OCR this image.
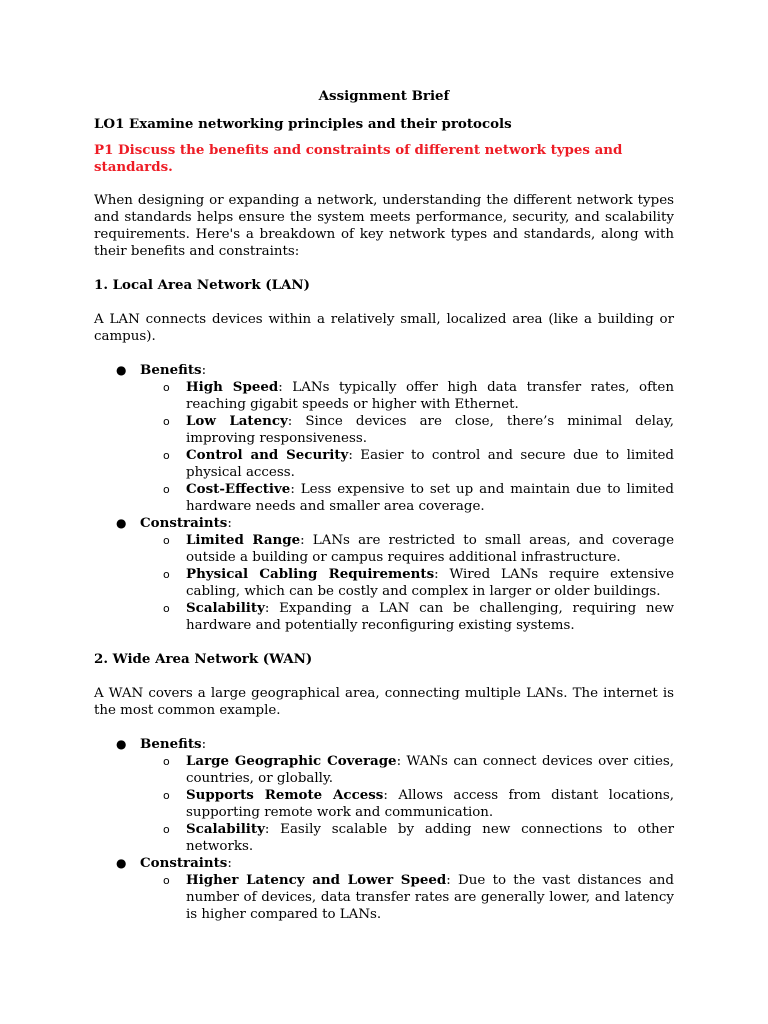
Assignment Brief

LO1 Examine networking principles and their protocols

P1 Discuss the benefits and constraints of different network types and standards.

When designing or expanding a network, understanding the different network types and standards helps ensure the system meets performance, security, and scalability requirements. Here's a breakdown of key network types and standards, along with their benefits and constraints:

1. Local Area Network (LAN)

A LAN connects devices within a relatively small, localized area (like a building or campus).

● Benefits:
o High Speed: LANs typically offer high data transfer rates, often reaching gigabit speeds or higher with Ethernet.
o Low Latency: Since devices are close, there’s minimal delay, improving responsiveness.
o Control and Security: Easier to control and secure due to limited physical access.
o Cost-Effective: Less expensive to set up and maintain due to limited hardware needs and smaller area coverage.
● Constraints:
o Limited Range: LANs are restricted to small areas, and coverage outside a building or campus requires additional infrastructure.
o Physical Cabling Requirements: Wired LANs require extensive cabling, which can be costly and complex in larger or older buildings.
o Scalability: Expanding a LAN can be challenging, requiring new hardware and potentially reconfiguring existing systems.

2. Wide Area Network (WAN)

A WAN covers a large geographical area, connecting multiple LANs. The internet is the most common example.

● Benefits:
o Large Geographic Coverage: WANs can connect devices over cities, countries, or globally.
o Supports Remote Access: Allows access from distant locations, supporting remote work and communication.
o Scalability: Easily scalable by adding new connections to other networks.
● Constraints:
o Higher Latency and Lower Speed: Due to the vast distances and number of devices, data transfer rates are generally lower, and latency is higher compared to LANs.
